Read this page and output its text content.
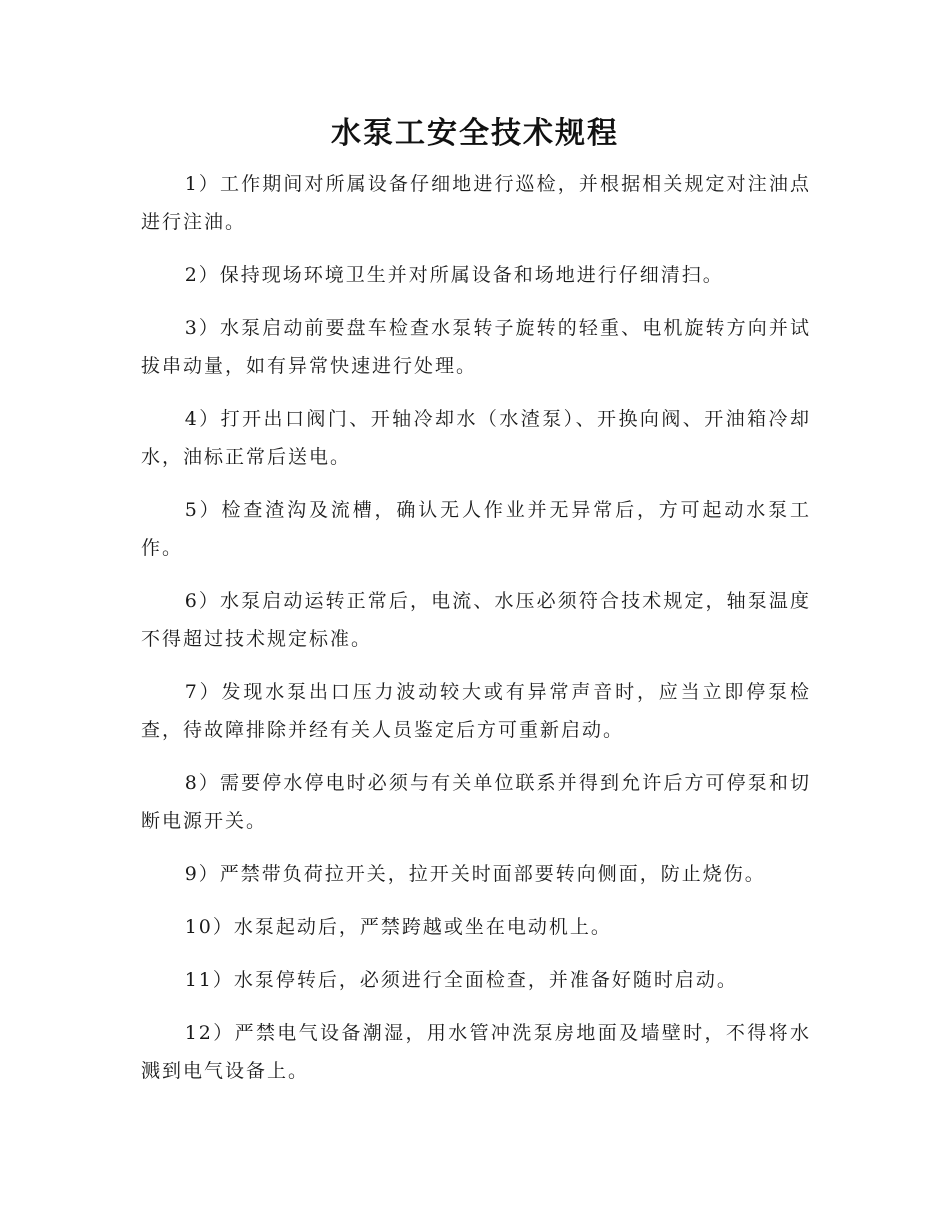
水泵工安全技术规程

1）工作期间对所属设备仔细地进行巡检，并根据相关规定对注油点进行注油。

2）保持现场环境卫生并对所属设备和场地进行仔细清扫。

3）水泵启动前要盘车检查水泵转子旋转的轻重、电机旋转方向并试拔串动量，如有异常快速进行处理。

4）打开出口阀门、开轴冷却水（水渣泵）、开换向阀、开油箱冷却水，油标正常后送电。

5）检查渣沟及流槽，确认无人作业并无异常后，方可起动水泵工作。

6）水泵启动运转正常后，电流、水压必须符合技术规定，轴泵温度不得超过技术规定标准。

7）发现水泵出口压力波动较大或有异常声音时，应当立即停泵检查，待故障排除并经有关人员鉴定后方可重新启动。

8）需要停水停电时必须与有关单位联系并得到允许后方可停泵和切断电源开关。

9）严禁带负荷拉开关，拉开关时面部要转向侧面，防止烧伤。

10）水泵起动后，严禁跨越或坐在电动机上。

11）水泵停转后，必须进行全面检查，并准备好随时启动。

12）严禁电气设备潮湿，用水管冲洗泵房地面及墙壁时，不得将水溅到电气设备上。
